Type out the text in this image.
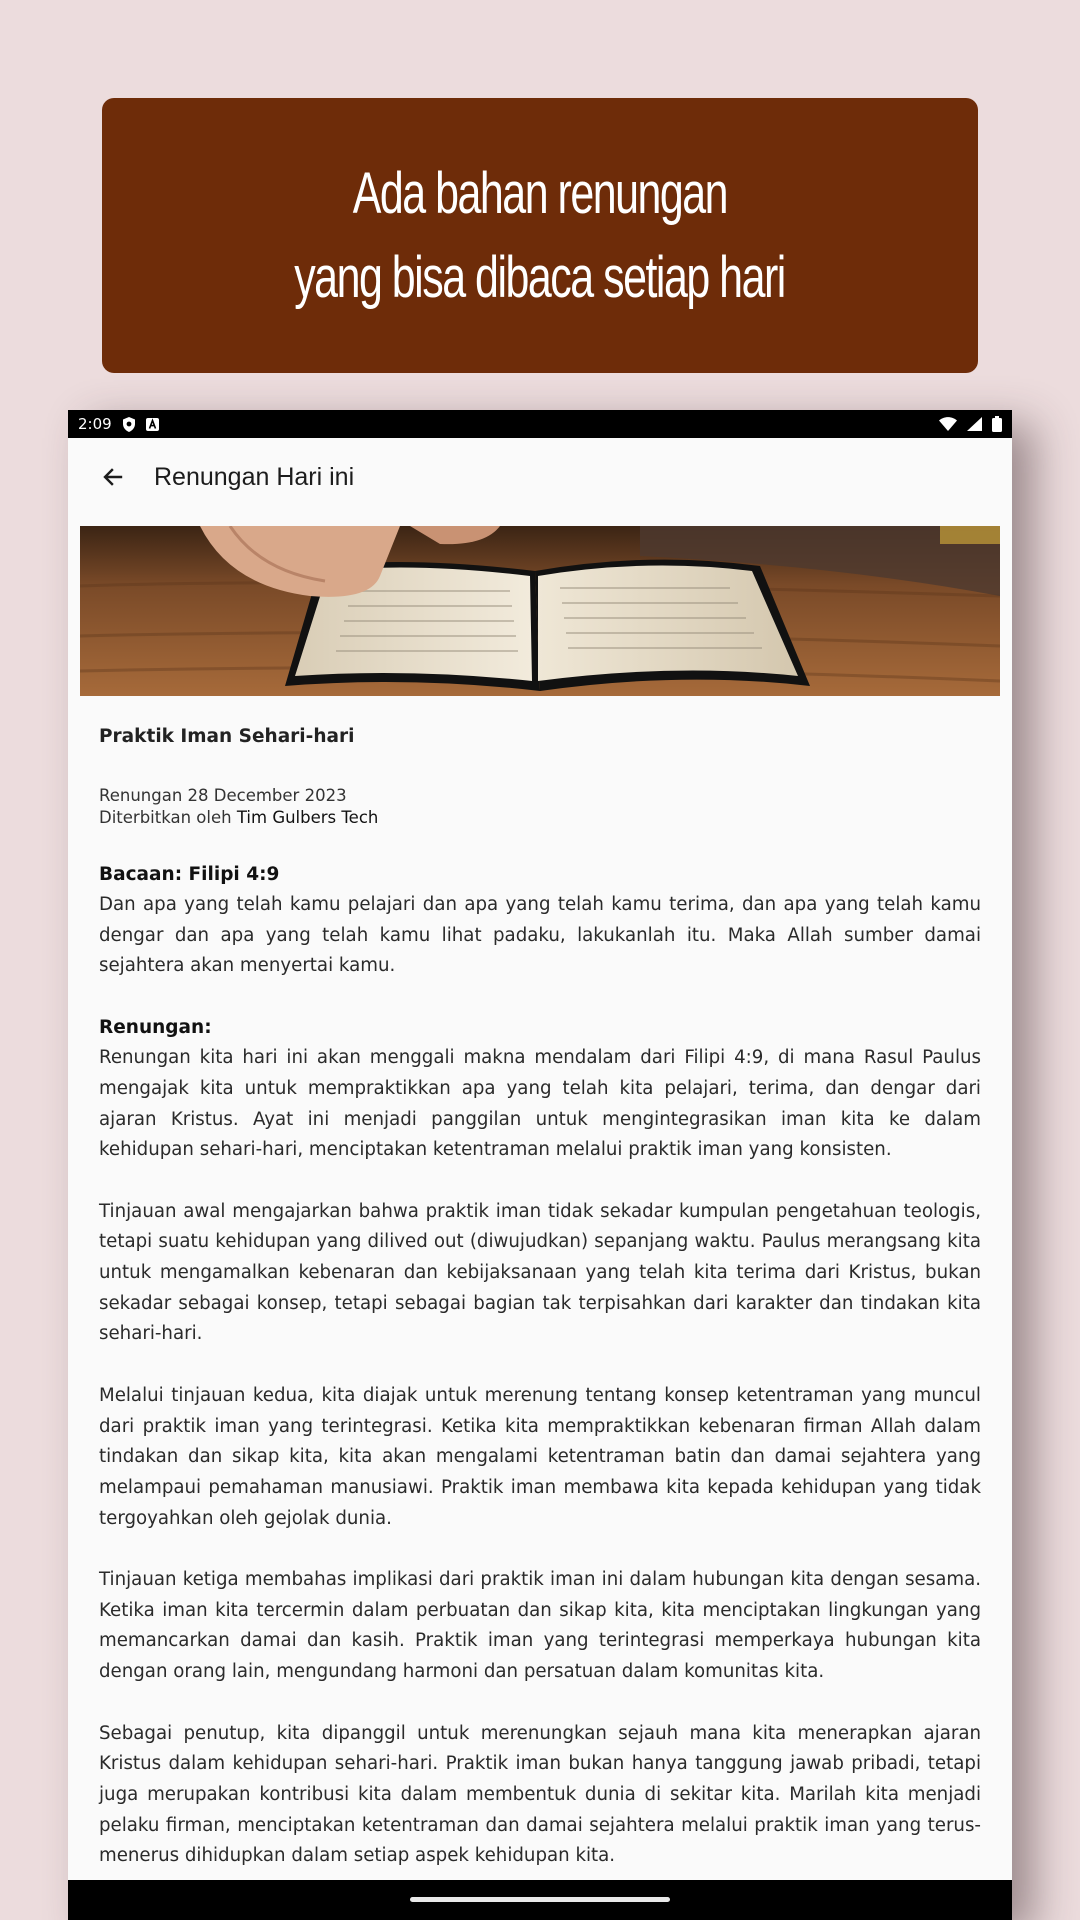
Ada bahan renungan
yang bisa dibaca setiap hari
2:09
Renungan Hari ini
Praktik Iman Sehari-hari
Renungan 28 December 2023
Diterbitkan oleh Tim Gulbers Tech
Bacaan: Filipi 4:9

Dan apa yang telah kamu pelajari dan apa yang telah kamu terima, dan apa yang telah kamu dengar dan apa yang telah kamu lihat padaku, lakukanlah itu. Maka Allah sumber damai sejahtera akan menyertai kamu.

Renungan:

Renungan kita hari ini akan menggali makna mendalam dari Filipi 4:9, di mana Rasul Paulus mengajak kita untuk mempraktikkan apa yang telah kita pelajari, terima, dan dengar dari ajaran Kristus. Ayat ini menjadi panggilan untuk mengintegrasikan iman kita ke dalam kehidupan sehari-hari, menciptakan ketentraman melalui praktik iman yang konsisten.

Tinjauan awal mengajarkan bahwa praktik iman tidak sekadar kumpulan pengetahuan teologis, tetapi suatu kehidupan yang dilived out (diwujudkan) sepanjang waktu. Paulus merangsang kita untuk mengamalkan kebenaran dan kebijaksanaan yang telah kita terima dari Kristus, bukan sekadar sebagai konsep, tetapi sebagai bagian tak terpisahkan dari karakter dan tindakan kita sehari-hari.

Melalui tinjauan kedua, kita diajak untuk merenung tentang konsep ketentraman yang muncul dari praktik iman yang terintegrasi. Ketika kita mempraktikkan kebenaran firman Allah dalam tindakan dan sikap kita, kita akan mengalami ketentraman batin dan damai sejahtera yang melampaui pemahaman manusiawi. Praktik iman membawa kita kepada kehidupan yang tidak tergoyahkan oleh gejolak dunia.

Tinjauan ketiga membahas implikasi dari praktik iman ini dalam hubungan kita dengan sesama. Ketika iman kita tercermin dalam perbuatan dan sikap kita, kita menciptakan lingkungan yang memancarkan damai dan kasih. Praktik iman yang terintegrasi memperkaya hubungan kita dengan orang lain, mengundang harmoni dan persatuan dalam komunitas kita.

Sebagai penutup, kita dipanggil untuk merenungkan sejauh mana kita menerapkan ajaran Kristus dalam kehidupan sehari-hari. Praktik iman bukan hanya tanggung jawab pribadi, tetapi juga merupakan kontribusi kita dalam membentuk dunia di sekitar kita. Marilah kita menjadi pelaku firman, menciptakan ketentraman dan damai sejahtera melalui praktik iman yang terus-menerus dihidupkan dalam setiap aspek kehidupan kita.
